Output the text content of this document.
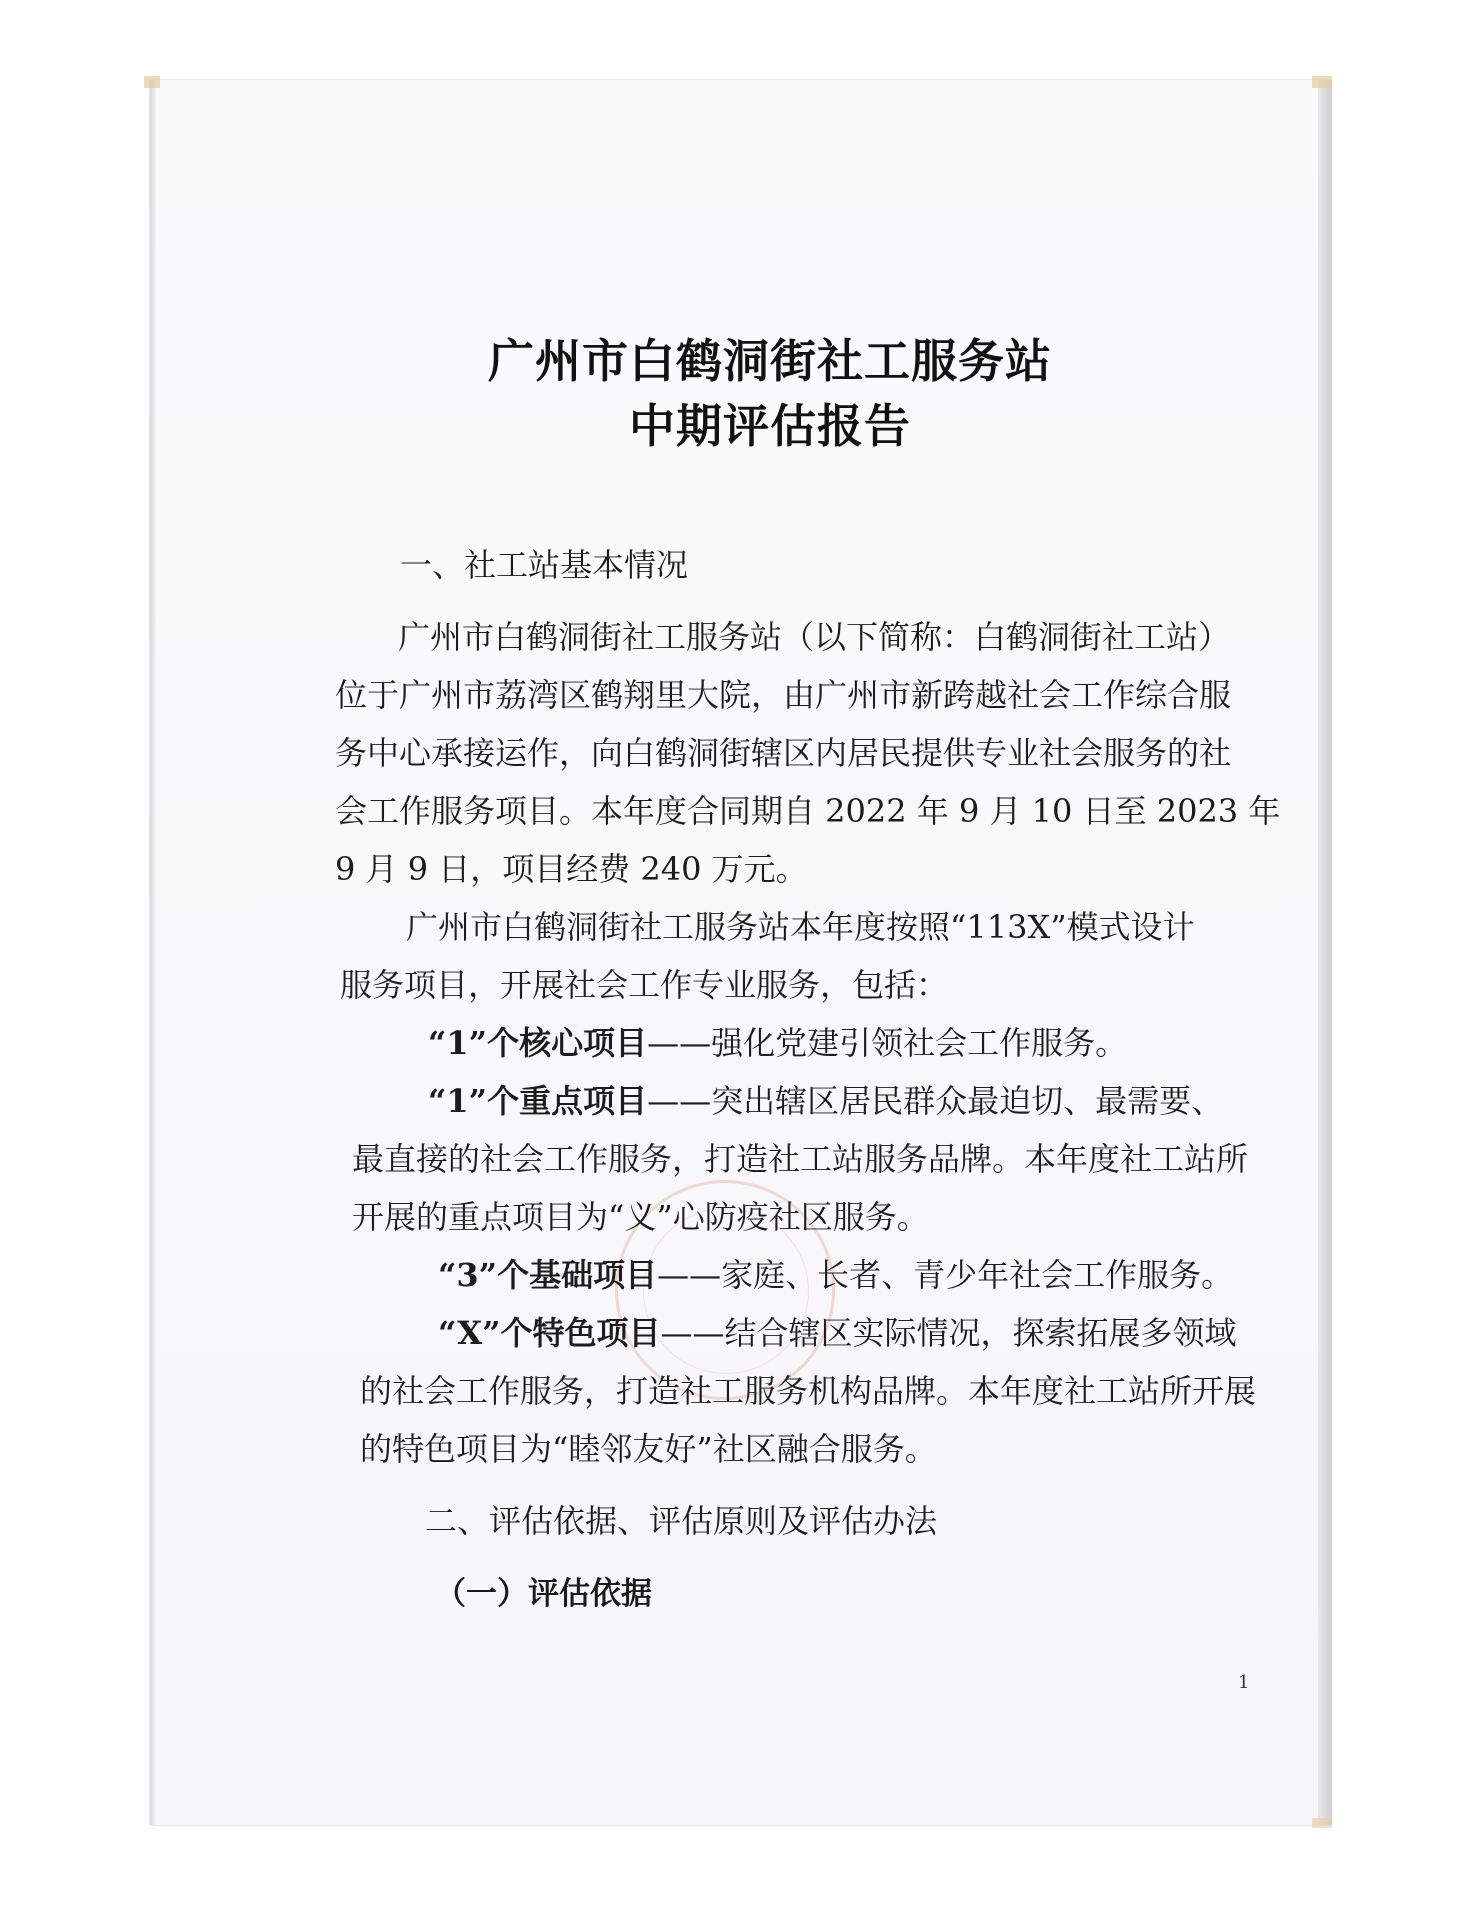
广州市白鹤洞街社工服务站
中期评估报告
一、社工站基本情况
广州市白鹤洞街社工服务站（以下简称：白鹤洞街社工站）
位于广州市荔湾区鹤翔里大院，由广州市新跨越社会工作综合服
务中心承接运作，向白鹤洞街辖区内居民提供专业社会服务的社
会工作服务项目。本年度合同期自 2022 年 9 月 10 日至 2023 年
9 月 9 日，项目经费 240 万元。
广州市白鹤洞街社工服务站本年度按照“113X”模式设计
服务项目，开展社会工作专业服务，包括：
“1”个核心项目——强化党建引领社会工作服务。
“1”个重点项目——突出辖区居民群众最迫切、最需要、
最直接的社会工作服务，打造社工站服务品牌。本年度社工站所
开展的重点项目为“义”心防疫社区服务。
“3”个基础项目——家庭、长者、青少年社会工作服务。
“X”个特色项目——结合辖区实际情况，探索拓展多领域
的社会工作服务，打造社工服务机构品牌。本年度社工站所开展
的特色项目为“睦邻友好”社区融合服务。
二、评估依据、评估原则及评估办法
（一）评估依据
1
